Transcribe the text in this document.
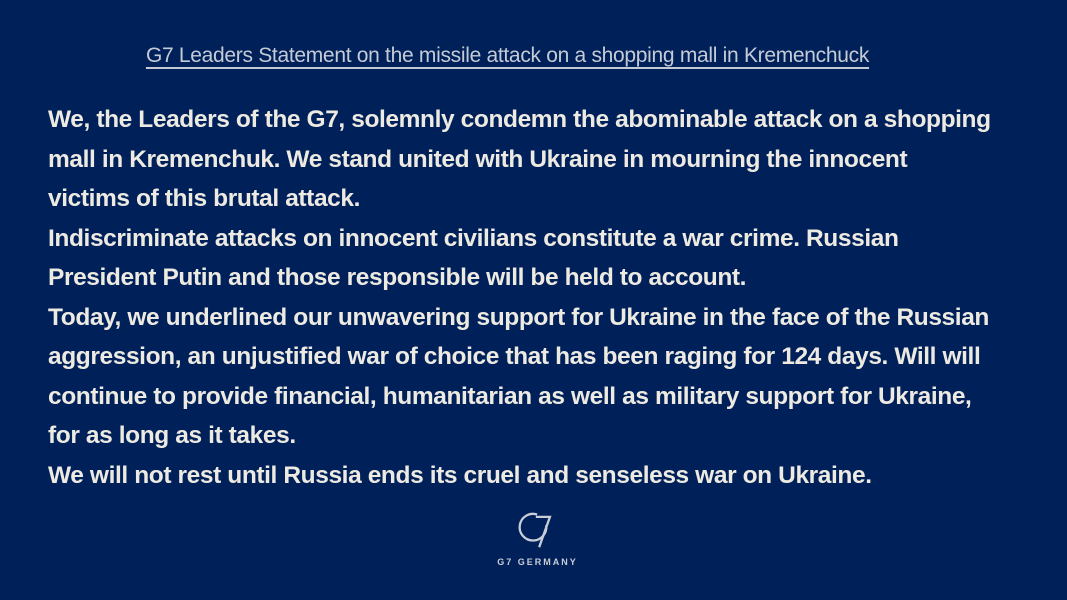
G7 Leaders Statement on the missile attack on a shopping mall in Kremenchuck
We, the Leaders of the G7, solemnly condemn the abominable attack on a shopping
mall in Kremenchuk. We stand united with Ukraine in mourning the innocent
victims of this brutal attack.
Indiscriminate attacks on innocent civilians constitute a war crime. Russian
President Putin and those responsible will be held to account.
Today, we underlined our unwavering support for Ukraine in the face of the Russian
aggression, an unjustified war of choice that has been raging for 124 days. Will will
continue to provide financial, humanitarian as well as military support for Ukraine,
for as long as it takes.
We will not rest until Russia ends its cruel and senseless war on Ukraine.
G7 GERMANY
